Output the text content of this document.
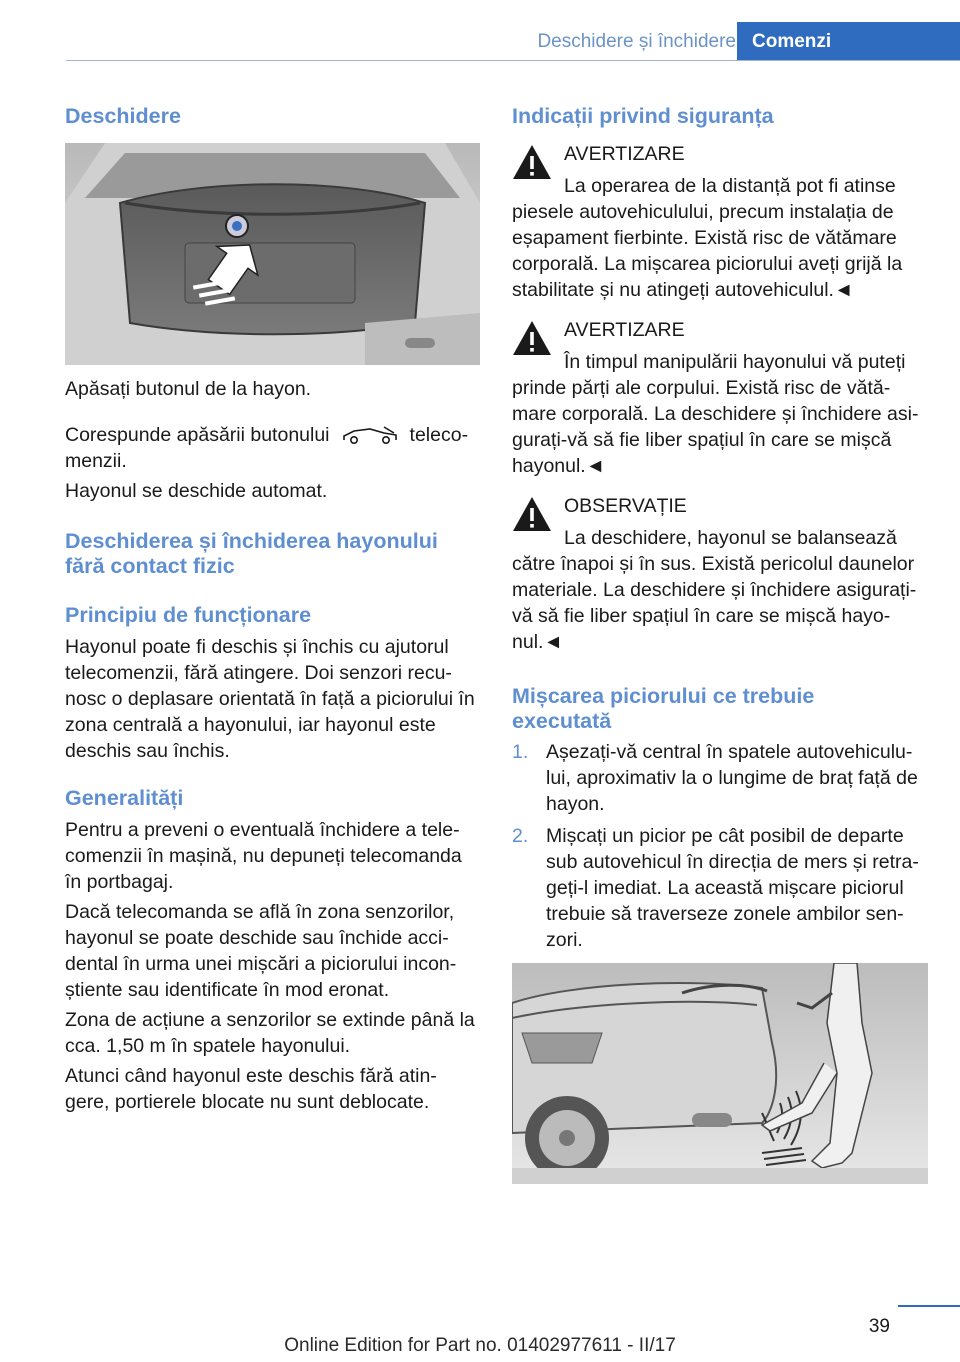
Deschidere și închidere Comenzi
Deschidere

Apăsați butonul de la hayon.

Corespunde apăsării butonului	teleco‐

menzii.

Hayonul se deschide automat.

Deschiderea și închiderea hayonului fără contact fizic
Principiu de funcționare

Hayonul poate fi deschis și închis cu ajutorul telecomenzii, fără atingere. Doi senzori recu‐nosc o deplasare orientată în față a piciorului în zona centrală a hayonului, iar hayonul este deschis sau închis.

Generalități

Pentru a preveni o eventuală închidere a tele‐comenzii în mașină, nu depuneți telecomanda în portbagaj.

Dacă telecomanda se află în zona senzorilor, hayonul se poate deschide sau închide acci‐dental în urma unei mișcări a piciorului incon‐știente sau identificate în mod eronat.

Zona de acțiune a senzorilor se extinde până la cca. 1,50 m în spatele hayonului.

Atunci când hayonul este deschis fără atin‐gere, portierele blocate nu sunt deblocate.

Indicații privind siguranța

AVERTIZARE

La operarea de la distanță pot fi atinse piesele autovehiculului, precum instalația de eșapament fierbinte. Există risc de vătămare corporală. La mișcarea piciorului aveți grijă la stabilitate și nu atingeți autovehiculul.◄

AVERTIZARE

În timpul manipulării hayonului vă puteți prinde părți ale corpului. Există risc de vătă‐mare corporală. La deschidere și închidere asi‐gurați-vă să fie liber spațiul în care se mișcă hayonul.◄

OBSERVAȚIE

La deschidere, hayonul se balansează către înapoi și în sus. Există pericolul daunelor materiale. La deschidere și închidere asigurați-vă să fie liber spațiul în care se mișcă hayo‐nul.◄

Mișcarea piciorului ce trebuie executată
1. Așezați-vă central în spatele autovehiculu‐lui, aproximativ la o lungime de braț față de hayon.

2. Mișcați un picior pe cât posibil de departe sub autovehicul în direcția de mers și retra‐geți-l imediat. La această mișcare piciorul trebuie să traverseze zonele ambilor sen‐zori.

39
Online Edition for Part no. 01402977611 - II/17
